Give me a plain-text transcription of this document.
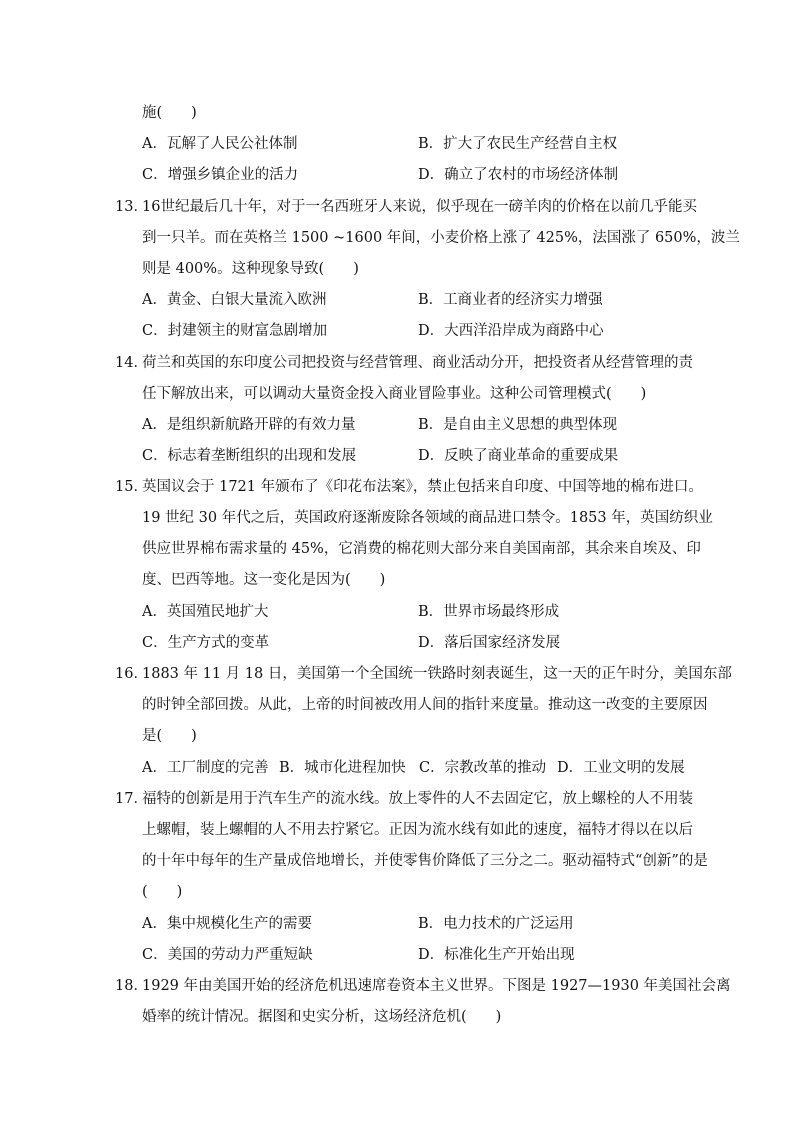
施(　　)
A．瓦解了人民公社体制	B．扩大了农民生产经营自主权
C．增强乡镇企业的活力	D．确立了农村的市场经济体制
13．
16世纪最后几十年，对于一名西班牙人来说，似乎现在一磅羊肉的价格在以前几乎能买
到一只羊。而在英格兰 1500 ~1600 年间，小麦价格上涨了 425%，法国涨了 650%，波兰
则是 400%。这种现象导致(　　)
A．黄金、白银大量流入欧洲	B．工商业者的经济实力增强
C．封建领主的财富急剧增加	D．大西洋沿岸成为商路中心
14．
荷兰和英国的东印度公司把投资与经营管理、商业活动分开，把投资者从经营管理的责
任下解放出来，可以调动大量资金投入商业冒险事业。这种公司管理模式(　　)
A．是组织新航路开辟的有效力量	B．是自由主义思想的典型体现
C．标志着垄断组织的出现和发展	D．反映了商业革命的重要成果
15．
英国议会于 1721 年颁布了《印花布法案》，禁止包括来自印度、中国等地的棉布进口。
19 世纪 30 年代之后，英国政府逐渐废除各领域的商品进口禁令。1853 年，英国纺织业
供应世界棉布需求量的 45%，它消费的棉花则大部分来自美国南部，其余来自埃及、印
度、巴西等地。这一变化是因为(　　)
A．英国殖民地扩大	B．世界市场最终形成
C．生产方式的变革	D．落后国家经济发展
16．
1883 年 11 月 18 日，美国第一个全国统一铁路时刻表诞生，这一天的正午时分，美国东部
的时钟全部回拨。从此，上帝的时间被改用人间的指针来度量。推动这一改变的主要原因
是(　　)
A．工厂制度的完善 B．城市化进程加快 C．宗教改革的推动 D．工业文明的发展
17．
福特的创新是用于汽车生产的流水线。放上零件的人不去固定它，放上螺栓的人不用装
上螺帽，装上螺帽的人不用去拧紧它。正因为流水线有如此的速度，福特才得以在以后
的十年中每年的生产量成倍地增长，并使零售价降低了三分之二。驱动福特式“创新”的是
(　　)
A．集中规模化生产的需要	B．电力技术的广泛运用
C．美国的劳动力严重短缺	D．标准化生产开始出现
18．
1929 年由美国开始的经济危机迅速席卷资本主义世界。下图是 1927—1930 年美国社会离
婚率的统计情况。据图和史实分析，这场经济危机(　　)
